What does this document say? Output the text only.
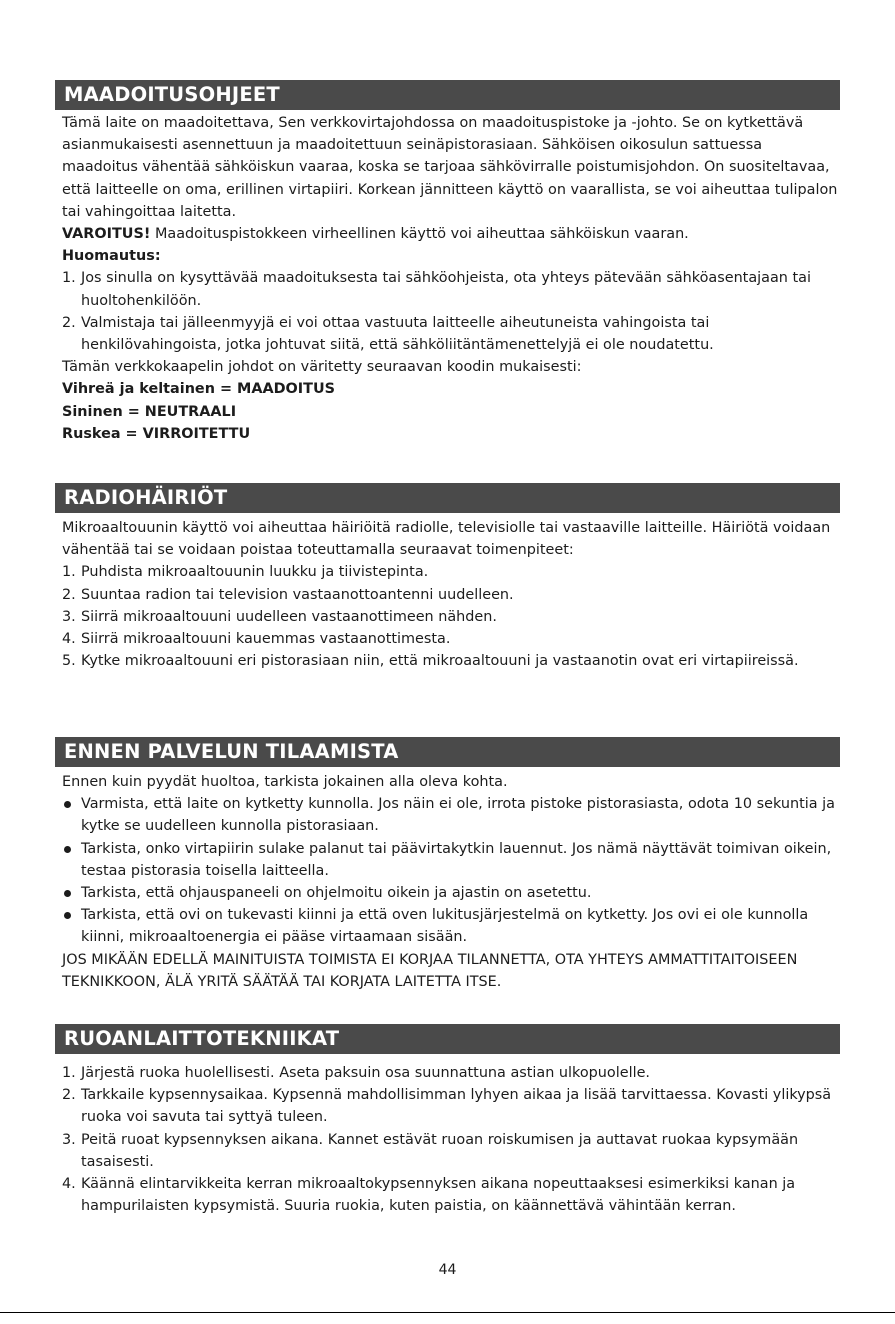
MAADOITUSOHJEET

Tämä laite on maadoitettava, Sen verkkovirtajohdossa on maadoituspistoke ja -johto. Se on kytkettävä asianmukaisesti asennettuun ja maadoitettuun seinäpistorasiaan. Sähköisen oikosulun sattuessa maadoitus vähentää sähköiskun vaaraa, koska se tarjoaa sähkövirralle poistumisjohdon. On suositeltavaa, että laitteelle on oma, erillinen virtapiiri. Korkean jännitteen käyttö on vaarallista, se voi aiheuttaa tulipalon tai vahingoittaa laitetta.

VAROITUS! Maadoituspistokkeen virheellinen käyttö voi aiheuttaa sähköiskun vaaran.

Huomautus:

1. Jos sinulla on kysyttävää maadoituksesta tai sähköohjeista, ota yhteys pätevään sähköasentajaan tai huoltohenkilöön.
2. Valmistaja tai jälleenmyyjä ei voi ottaa vastuuta laitteelle aiheutuneista vahingoista tai henkilövahingoista, jotka johtuvat siitä, että sähköliitäntämenettelyjä ei ole noudatettu.

Tämän verkkokaapelin johdot on väritetty seuraavan koodin mukaisesti:

Vihreä ja keltainen = MAADOITUS

Sininen = NEUTRAALI

Ruskea = VIRROITETTU

RADIOHÄIRIÖT

Mikroaaltouunin käyttö voi aiheuttaa häiriöitä radiolle, televisiolle tai vastaaville laitteille. Häiriötä voidaan vähentää tai se voidaan poistaa toteuttamalla seuraavat toimenpiteet:

1. Puhdista mikroaaltouunin luukku ja tiivistepinta.
2. Suuntaa radion tai television vastaanottoantenni uudelleen.
3. Siirrä mikroaaltouuni uudelleen vastaanottimeen nähden.
4. Siirrä mikroaaltouuni kauemmas vastaanottimesta.
5. Kytke mikroaaltouuni eri pistorasiaan niin, että mikroaaltouuni ja vastaanotin ovat eri virtapiireissä.
ENNEN PALVELUN TILAAMISTA

Ennen kuin pyydät huoltoa, tarkista jokainen alla oleva kohta.

Varmista, että laite on kytketty kunnolla. Jos näin ei ole, irrota pistoke pistorasiasta, odota 10 sekuntia ja kytke se uudelleen kunnolla pistorasiaan.
Tarkista, onko virtapiirin sulake palanut tai päävirtakytkin lauennut. Jos nämä näyttävät toimivan oikein, testaa pistorasia toisella laitteella.
Tarkista, että ohjauspaneeli on ohjelmoitu oikein ja ajastin on asetettu.
Tarkista, että ovi on tukevasti kiinni ja että oven lukitusjärjestelmä on kytketty. Jos ovi ei ole kunnolla kiinni, mikroaaltoenergia ei pääse virtaamaan sisään.

JOS MIKÄÄN EDELLÄ MAINITUISTA TOIMISTA EI KORJAA TILANNETTA, OTA YHTEYS AMMATTITAITOISEEN TEKNIKKOON, ÄLÄ YRITÄ SÄÄTÄÄ TAI KORJATA LAITETTA ITSE.

RUOANLAITTOTEKNIIKAT
1. Järjestä ruoka huolellisesti. Aseta paksuin osa suunnattuna astian ulkopuolelle.
2. Tarkkaile kypsennysaikaa. Kypsennä mahdollisimman lyhyen aikaa ja lisää tarvittaessa. Kovasti ylikypsä ruoka voi savuta tai syttyä tuleen.
3. Peitä ruoat kypsennyksen aikana. Kannet estävät ruoan roiskumisen ja auttavat ruokaa kypsymään tasaisesti.
4. Käännä elintarvikkeita kerran mikroaaltokypsennyksen aikana nopeuttaaksesi esimerkiksi kanan ja hampurilaisten kypsymistä. Suuria ruokia, kuten paistia, on käännettävä vähintään kerran.
44
